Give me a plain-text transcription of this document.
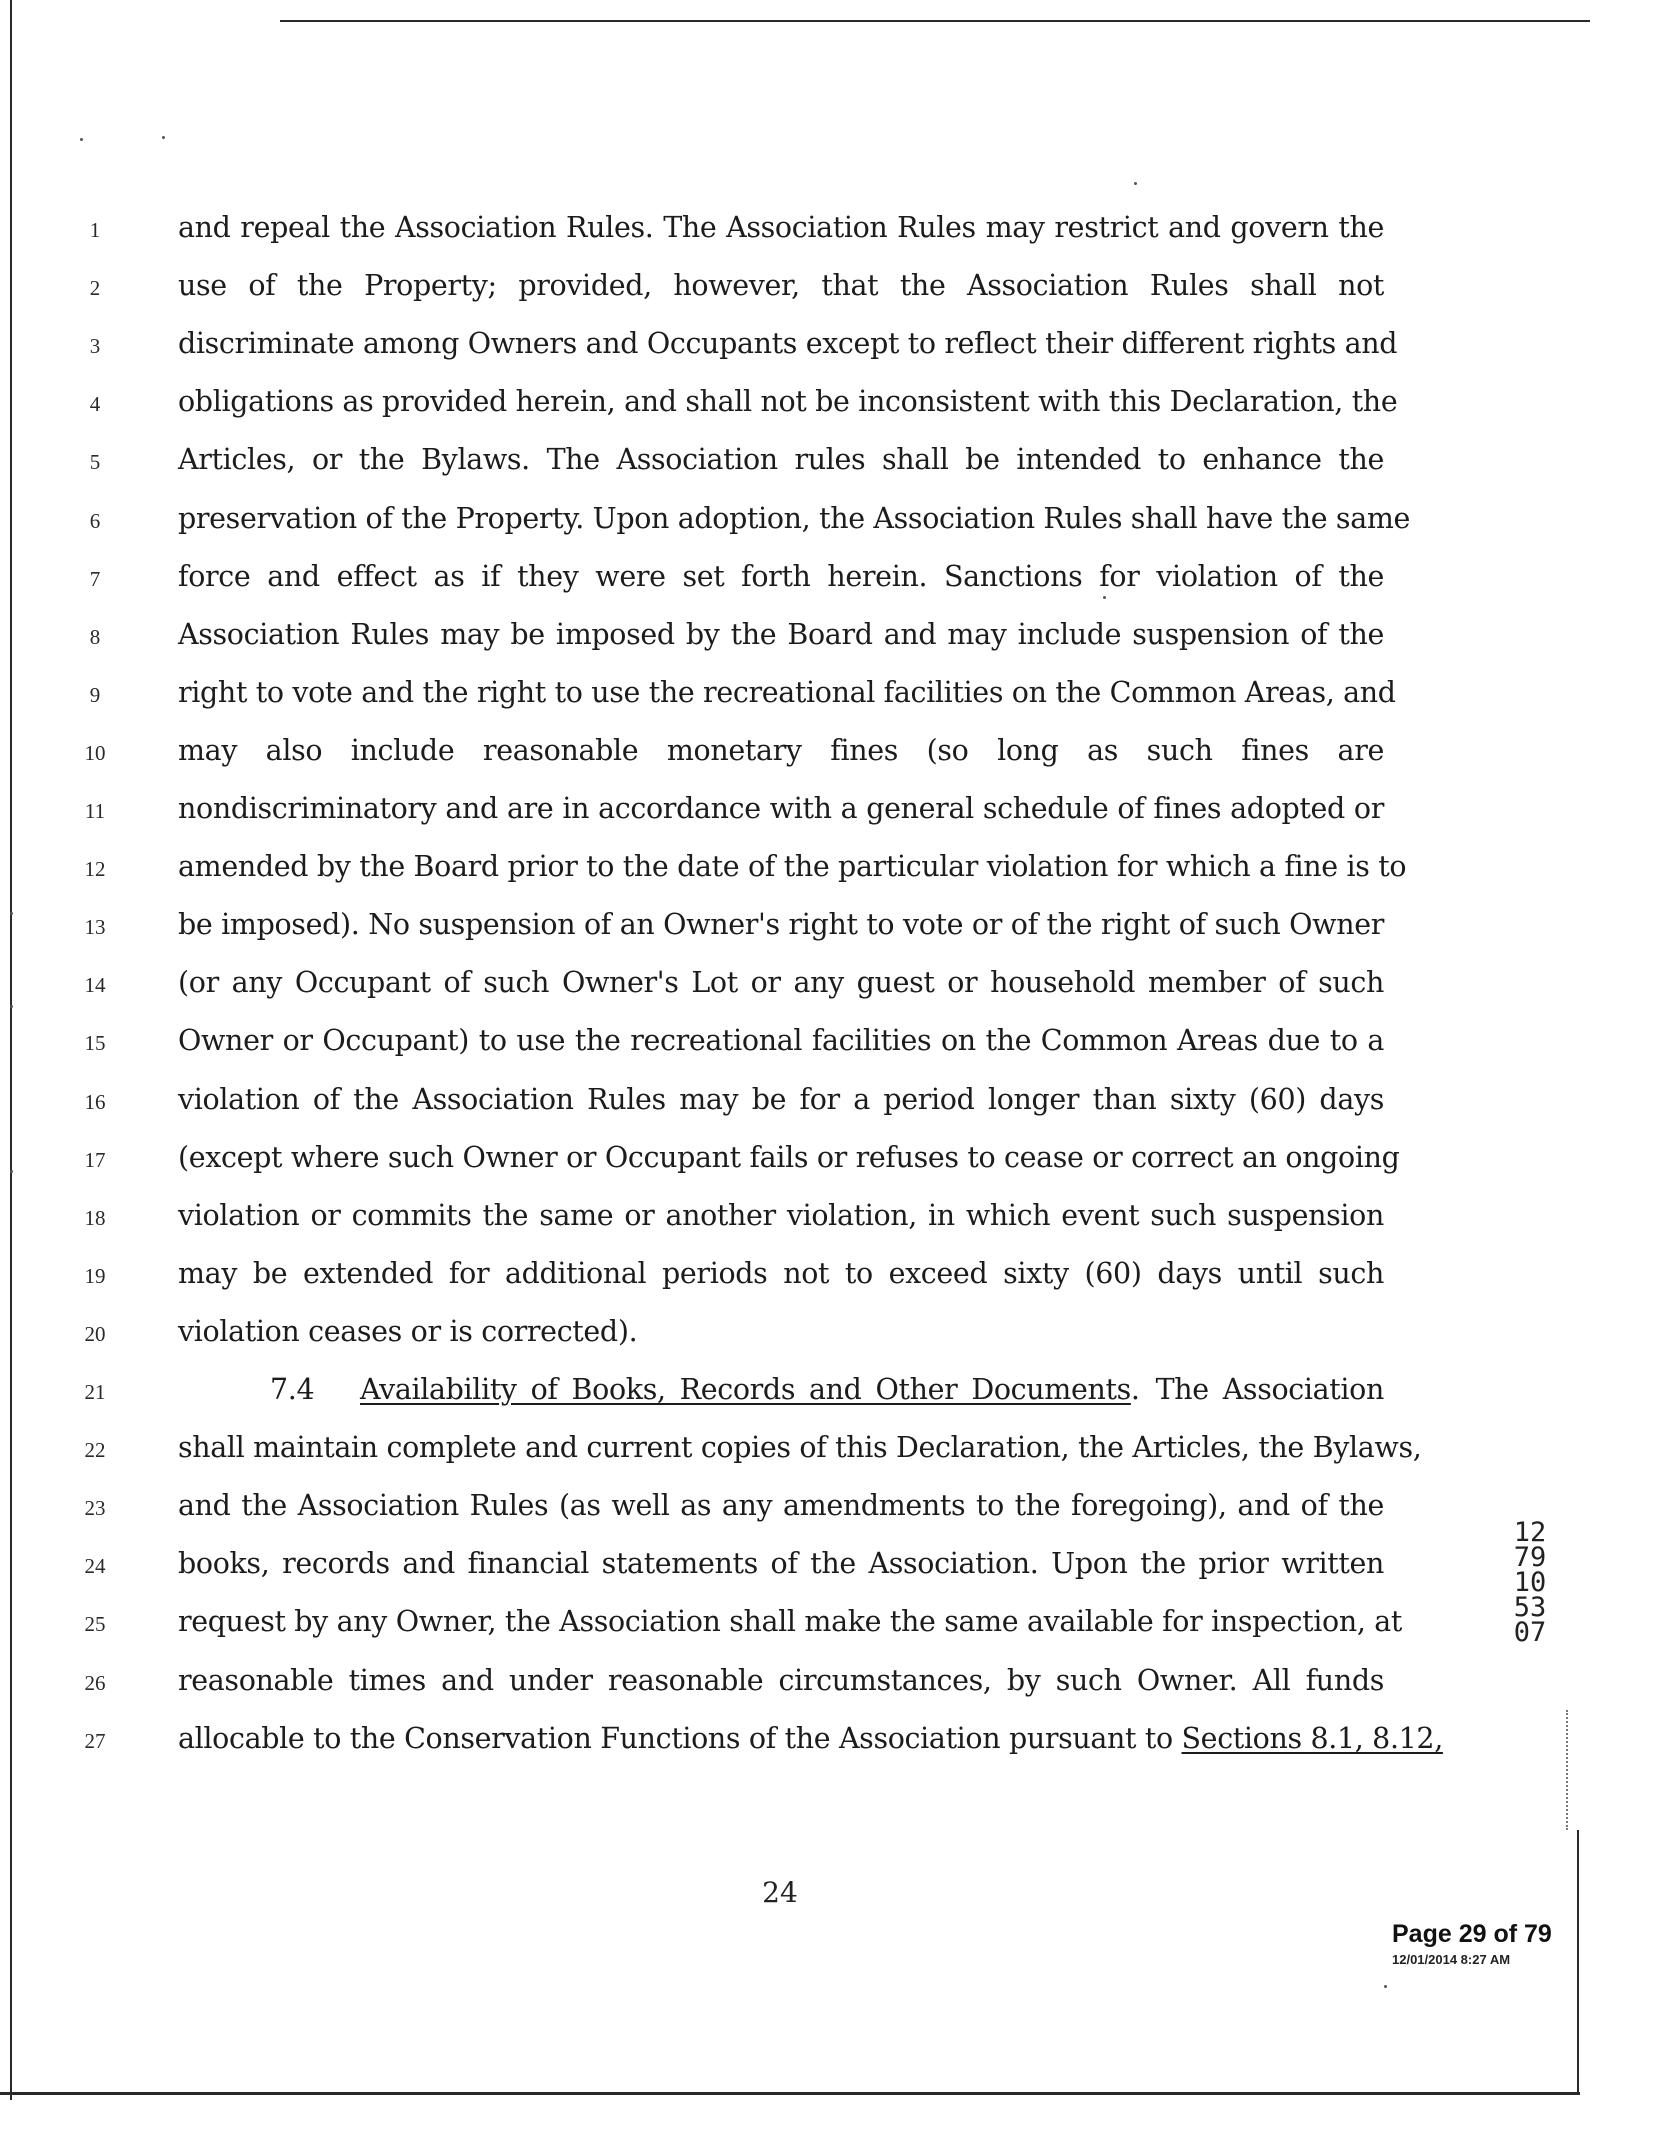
1	and repeal the Association Rules. The Association Rules may restrict and govern the
2	use of the Property; provided, however, that the Association Rules shall not
3	discriminate among Owners and Occupants except to reflect their different rights and
4	obligations as provided herein, and shall not be inconsistent with this Declaration, the
5	Articles, or the Bylaws. The Association rules shall be intended to enhance the
6	preservation of the Property. Upon adoption, the Association Rules shall have the same
7	force and effect as if they were set forth herein. Sanctions for violation of the
8	Association Rules may be imposed by the Board and may include suspension of the
9	right to vote and the right to use the recreational facilities on the Common Areas, and
10	may also include reasonable monetary fines (so long as such fines are
11	nondiscriminatory and are in accordance with a general schedule of fines adopted or
12	amended by the Board prior to the date of the particular violation for which a fine is to
13	be imposed). No suspension of an Owner's right to vote or of the right of such Owner
14	(or any Occupant of such Owner's Lot or any guest or household member of such
15	Owner or Occupant) to use the recreational facilities on the Common Areas due to a
16	violation of the Association Rules may be for a period longer than sixty (60) days
17	(except where such Owner or Occupant fails or refuses to cease or correct an ongoing
18	violation or commits the same or another violation, in which event such suspension
19	may be extended for additional periods not to exceed sixty (60) days until such
20	violation ceases or is corrected).
21	7.4 Availability of Books, Records and Other Documents. The Association
22	shall maintain complete and current copies of this Declaration, the Articles, the Bylaws,
23	and the Association Rules (as well as any amendments to the foregoing), and of the
24	books, records and financial statements of the Association. Upon the prior written
25	request by any Owner, the Association shall make the same available for inspection, at
26	reasonable times and under reasonable circumstances, by such Owner. All funds
27	allocable to the Conservation Functions of the Association pursuant to Sections 8.1, 8.12,
24
1279105307
Page 29 of 79
12/01/2014 8:27 AM
